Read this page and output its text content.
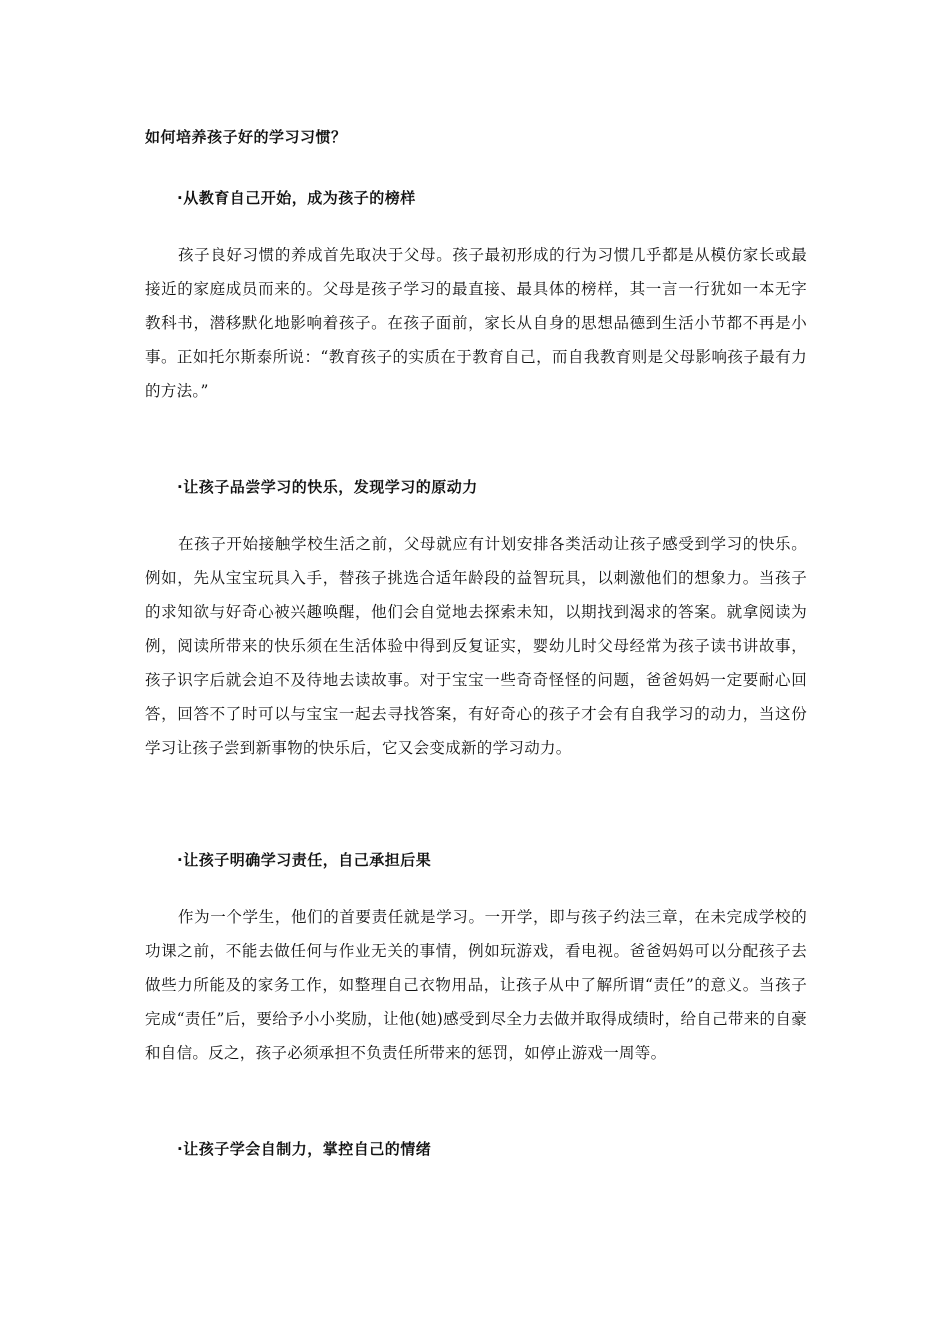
如何培养孩子好的学习习惯？
·从教育自己开始，成为孩子的榜样

孩子良好习惯的养成首先取决于父母。孩子最初形成的行为习惯几乎都是从模仿家长或最接近的家庭成员而来的。父母是孩子学习的最直接、最具体的榜样，其一言一行犹如一本无字教科书，潜移默化地影响着孩子。在孩子面前，家长从自身的思想品德到生活小节都不再是小事。正如托尔斯泰所说：“教育孩子的实质在于教育自己，而自我教育则是父母影响孩子最有力的方法。”

·让孩子品尝学习的快乐，发现学习的原动力

在孩子开始接触学校生活之前，父母就应有计划安排各类活动让孩子感受到学习的快乐。例如，先从宝宝玩具入手，替孩子挑选合适年龄段的益智玩具，以刺激他们的想象力。当孩子的求知欲与好奇心被兴趣唤醒，他们会自觉地去探索未知，以期找到渴求的答案。就拿阅读为例，阅读所带来的快乐须在生活体验中得到反复证实，婴幼儿时父母经常为孩子读书讲故事，孩子识字后就会迫不及待地去读故事。对于宝宝一些奇奇怪怪的问题，爸爸妈妈一定要耐心回答，回答不了时可以与宝宝一起去寻找答案，有好奇心的孩子才会有自我学习的动力，当这份学习让孩子尝到新事物的快乐后，它又会变成新的学习动力。

·让孩子明确学习责任，自己承担后果

作为一个学生，他们的首要责任就是学习。一开学，即与孩子约法三章，在未完成学校的功课之前，不能去做任何与作业无关的事情，例如玩游戏，看电视。爸爸妈妈可以分配孩子去做些力所能及的家务工作，如整理自己衣物用品，让孩子从中了解所谓“责任”的意义。当孩子完成“责任”后，要给予小小奖励，让他(她)感受到尽全力去做并取得成绩时，给自己带来的自豪和自信。反之，孩子必须承担不负责任所带来的惩罚，如停止游戏一周等。

·让孩子学会自制力，掌控自己的情绪
